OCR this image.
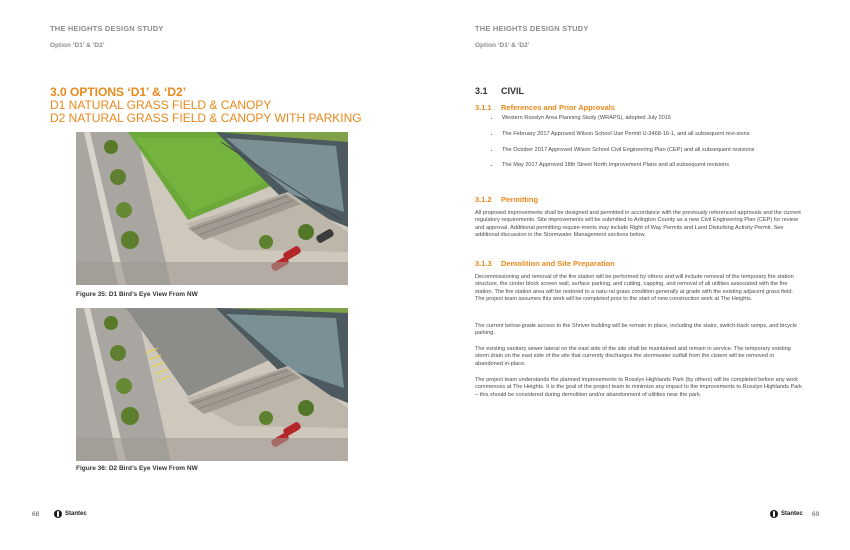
THE HEIGHTS DESIGN STUDY
Option ‘D1’ & ‘D2’
3.0 OPTIONS ‘D1’ & ‘D2’
D1 NATURAL GRASS FIELD & CANOPY
D2 NATURAL GRASS FIELD & CANOPY WITH PARKING
Figure 35: D1 Bird’s Eye View From NW
Figure 36: D2 Bird’s Eye View From NW
68	Stantec
THE HEIGHTS DESIGN STUDY
Option ‘D1’ & ‘D2’
3.1 CIVIL
3.1.1 References and Prior Approvals
• Western Rosslyn Area Planning Study (WRAPS), adopted July 2015
• The February 2017 Approved Wilson School Use Permit U-3468-16-1, and all subsequent revi-sions
• The October 2017 Approved Wilson School Civil Engineering Plan (CEP) and all subsequent revisions
• The May 2017 Approved 18th Street North Improvement Plans and all subsequent revisions
3.1.2 Permitting

All proposed improvements shall be designed and permitted in accordance with the previously referenced approvals and the current regulatory requirements. Site improvements will be submitted to Arlington County as a new Civil Engineering Plan (CEP) for review and approval. Additional permitting require-ments may include Right of Way Permits and Land Disturbing Activity Permit. See additional discussion in the Stormwater Management sections below.

3.1.3 Demolition and Site Preparation

Decommissioning and removal of the fire station will be performed by others and will include removal of the temporary fire station structure, the cinder block screen wall, surface parking, and cutting, capping, and removal of all utilities associated with the fire station. The fire station area will be restored to a natu-ral grass condition generally at grade with the existing adjacent grass field. The project team assumes this work will be completed prior to the start of new construction work at The Heights.

The current below-grade access to the Shriver building will be remain in place, including the stairs, switch-back ramps, and bicycle parking.

The existing sanitary sewer lateral on the east side of the site shall be maintained and remain in service. The temporary existing storm drain on the east side of the site that currently discharges the stormwater outfall from the cistern will be removed or abandoned in-place.

The project team understands the planned improvements to Rosslyn Highlands Park (by others) will be completed before any work commences at The Heights. It is the goal of the project team to minimize any impact to the improvements to Rosslyn Highlands Park – this should be considered during demolition and/or abandonment of utilities near the park.

Stantec 69
